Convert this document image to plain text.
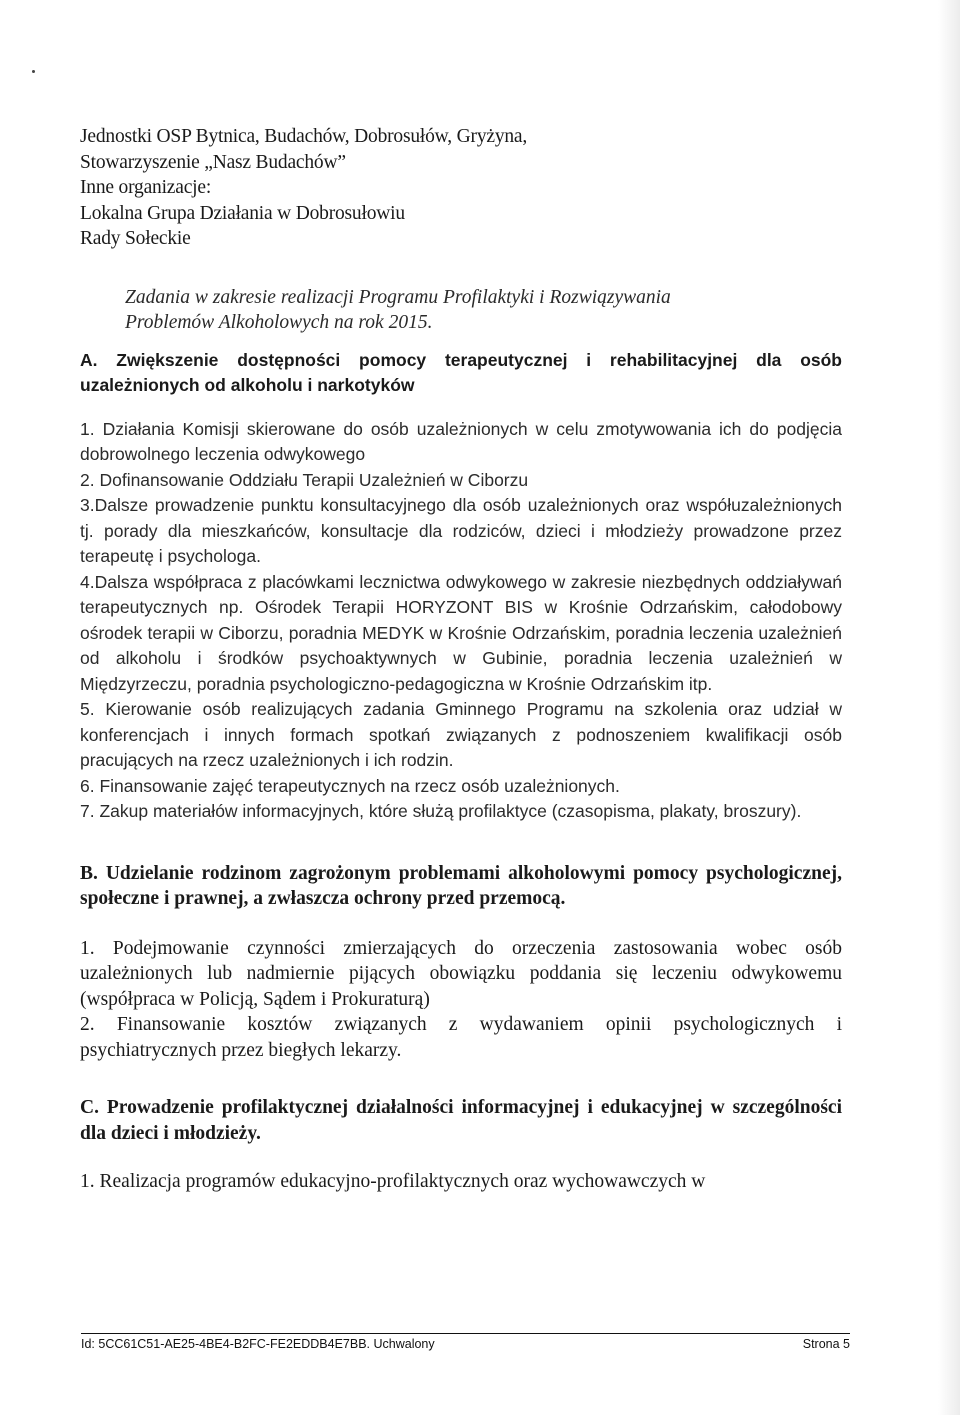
Jednostki OSP Bytnica, Budachów, Dobrosułów, Gryżyna,

Stowarzyszenie „Nasz Budachów”

Inne organizacje:

Lokalna Grupa Działania w Dobrosułowiu

Rady Sołeckie

Zadania w zakresie realizacji Programu Profilaktyki i Rozwiązywania
Problemów Alkoholowych na rok 2015.

A. Zwiększenie dostępności pomocy terapeutycznej i rehabilitacyjnej dla osób uzależnionych od alkoholu i narkotyków

1. Działania Komisji skierowane do osób uzależnionych w celu zmotywowania ich do podjęcia dobrowolnego leczenia odwykowego
2. Dofinansowanie Oddziału Terapii Uzależnień w Ciborzu
3.Dalsze prowadzenie punktu konsultacyjnego dla osób uzależnionych oraz współuzależnionych tj. porady dla mieszkańców, konsultacje dla rodziców, dzieci i młodzieży prowadzone przez terapeutę i psychologa.
4.Dalsza współpraca z placówkami lecznictwa odwykowego w zakresie niezbędnych oddziaływań terapeutycznych np. Ośrodek Terapii HORYZONT BIS w Krośnie Odrzańskim, całodobowy ośrodek terapii w Ciborzu, poradnia MEDYK w Krośnie Odrzańskim, poradnia leczenia uzależnień od alkoholu i środków psychoaktywnych w Gubinie, poradnia leczenia uzależnień w Międzyrzeczu, poradnia psychologiczno-pedagogiczna w Krośnie Odrzańskim itp.
5. Kierowanie osób realizujących zadania Gminnego Programu na szkolenia oraz udział w konferencjach i innych formach spotkań związanych z podnoszeniem kwalifikacji osób pracujących na rzecz uzależnionych i ich rodzin.
6. Finansowanie zajęć terapeutycznych na rzecz osób uzależnionych.
7. Zakup materiałów informacyjnych, które służą profilaktyce (czasopisma, plakaty, broszury).

B. Udzielanie rodzinom zagrożonym problemami alkoholowymi pomocy psychologicznej, społeczne i prawnej, a zwłaszcza ochrony przed przemocą.

1. Podejmowanie czynności zmierzających do orzeczenia zastosowania wobec osób uzależnionych lub nadmiernie pijących obowiązku poddania się leczeniu odwykowemu (współpraca w Policją, Sądem i Prokuraturą)
2. Finansowanie kosztów związanych z wydawaniem opinii psychologicznych i psychiatrycznych przez biegłych lekarzy.

C. Prowadzenie profilaktycznej działalności informacyjnej i edukacyjnej w szczególności dla dzieci i młodzieży.

1. Realizacja programów edukacyjno-profilaktycznych oraz wychowawczych w
Id: 5CC61C51-AE25-4BE4-B2FC-FE2EDDB4E7BB. Uchwalony	Strona 5
